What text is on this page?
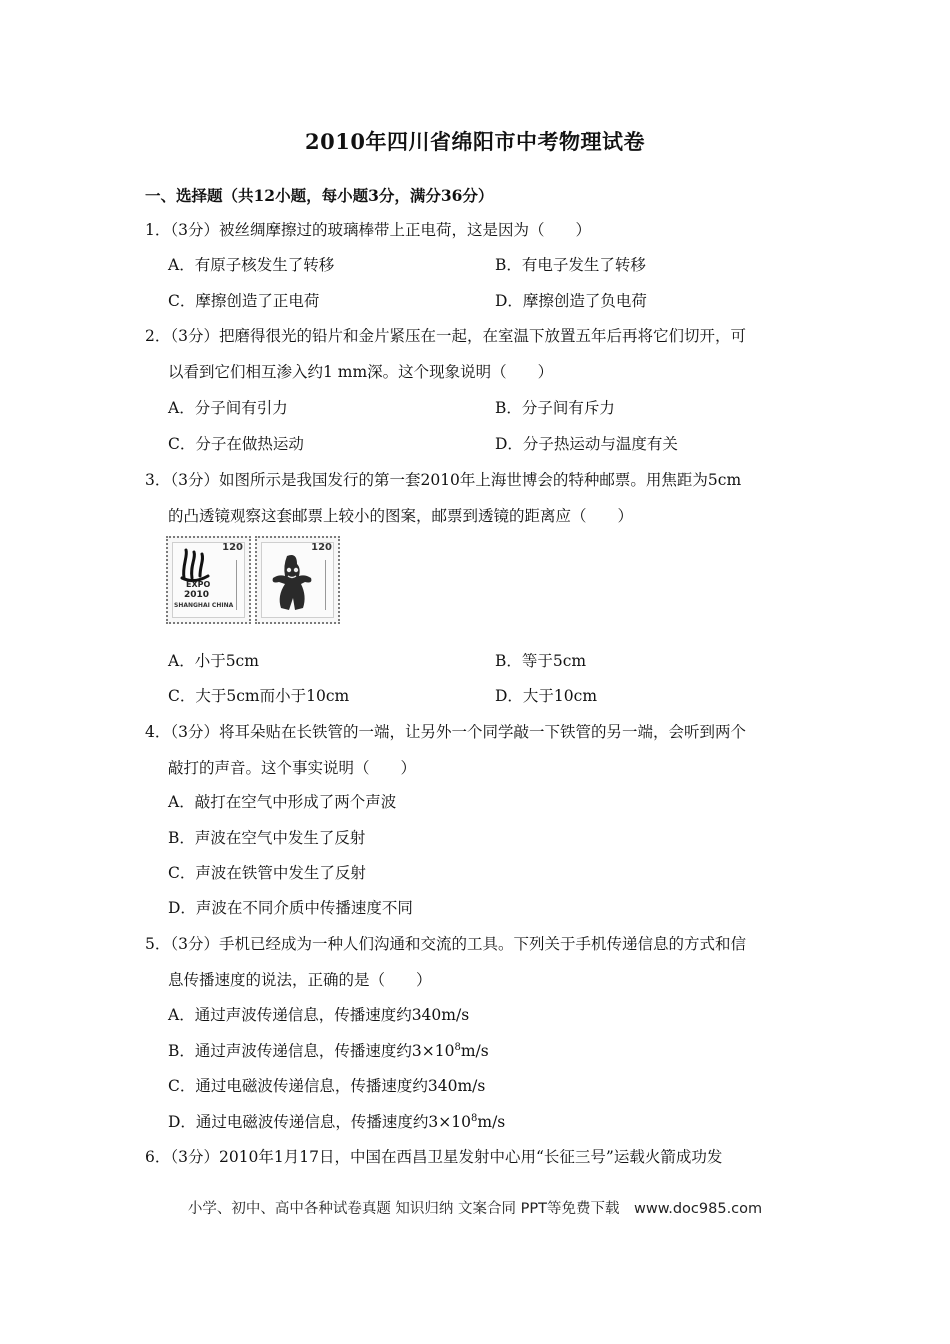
2010年四川省绵阳市中考物理试卷
一、选择题（共12小题，每小题3分，满分36分）
1．（3分）被丝绸摩擦过的玻璃棒带上正电荷，这是因为（　　）
A．有原子核发生了转移	B．有电子发生了转移
C．摩擦创造了正电荷	D．摩擦创造了负电荷
2．（3分）把磨得很光的铅片和金片紧压在一起，在室温下放置五年后再将它们切开，可
以看到它们相互渗入约1 mm深。这个现象说明（　　）
A．分子间有引力	B．分子间有斥力
C．分子在做热运动	D．分子热运动与温度有关
3．（3分）如图所示是我国发行的第一套2010年上海世博会的特种邮票。用焦距为5cm
的凸透镜观察这套邮票上较小的图案，邮票到透镜的距离应（　　）
120
EXPO
2010
SHANGHAI CHINA
120
A．小于5cm	B．等于5cm
C．大于5cm而小于10cm	D．大于10cm
4．（3分）将耳朵贴在长铁管的一端，让另外一个同学敲一下铁管的另一端，会听到两个
敲打的声音。这个事实说明（　　）
A．敲打在空气中形成了两个声波
B．声波在空气中发生了反射
C．声波在铁管中发生了反射
D．声波在不同介质中传播速度不同
5．（3分）手机已经成为一种人们沟通和交流的工具。下列关于手机传递信息的方式和信
息传播速度的说法，正确的是（　　）
A．通过声波传递信息，传播速度约340m/s
B．通过声波传递信息，传播速度约$3\times 10^8m/s$
C．通过电磁波传递信息，传播速度约340m/s
D．通过电磁波传递信息，传播速度约$3\times 10^8m/s$
6．（3分）2010年1月17日，中国在西昌卫星发射中心用“长征三号”运载火箭成功发
小学、初中、高中各种试卷真题 知识归纳 文案合同 PPT等免费下载　www.doc985.com
